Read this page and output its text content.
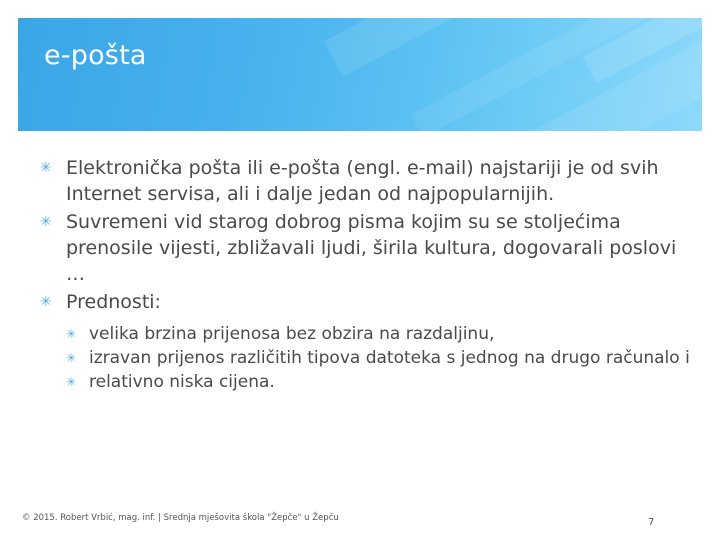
e-pošta
✳ Elektronička pošta ili e-pošta (engl. e-mail) najstariji je od svih Internet servisa, ali i dalje jedan od najpopularnijih.
✳ Suvremeni vid starog dobrog pisma kojim su se stoljećima prenosile vijesti, zbližavali ljudi, širila kultura, dogovarali poslovi …
✳ Prednosti:
✳ velika brzina prijenosa bez obzira na razdaljinu,
✳ izravan prijenos različitih tipova datoteka s jednog na drugo računalo i
✳ relativno niska cijena.
© 2015. Robert Vrbić, mag. inf. | Srednja mješovita škola "Žepče" u Žepču	7
